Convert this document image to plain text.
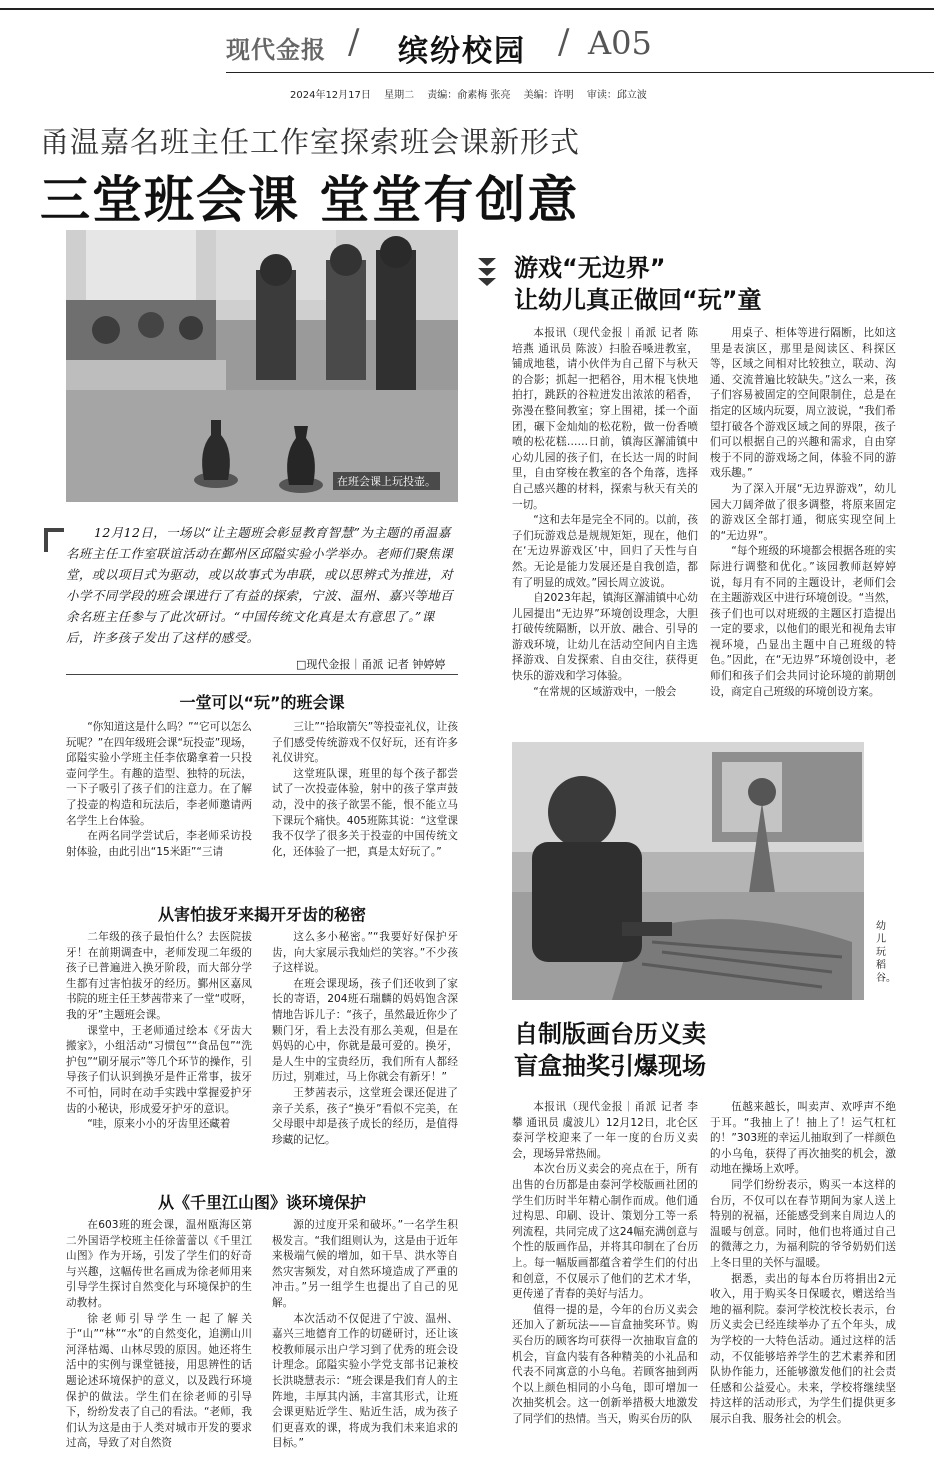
现代金报 / 缤纷校园 / A05
2024年12月17日 星期二 责编：俞素梅 张亮 美编：许明 审读：邱立波
甬温嘉名班主任工作室探索班会课新形式
三堂班会课 堂堂有创意
在班会课上玩投壶。
12月12日，一场以“让主题班会彰显教育智慧”为主题的甬温嘉名班主任工作室联谊活动在鄞州区邱隘实验小学举办。老师们聚焦课堂，或以项目式为驱动，或以故事式为串联，或以思辨式为推进，对小学不同学段的班会课进行了有益的探索，宁波、温州、嘉兴等地百余名班主任参与了此次研讨。“中国传统文化真是太有意思了。”课后，许多孩子发出了这样的感受。
□现代金报｜甬派 记者 钟婷婷
一堂可以“玩”的班会课

“你知道这是什么吗？”“它可以怎么玩呢？”在四年级班会课“玩投壶”现场，邱隘实验小学班主任李依璐拿着一只投壶问学生。有趣的造型、独特的玩法，一下子吸引了孩子们的注意力。在了解了投壶的构造和玩法后，李老师邀请两名学生上台体验。

在两名同学尝试后，李老师采访投射体验，由此引出“15米距”“三请

三让”“拾取箭矢”等投壶礼仪，让孩子们感受传统游戏不仅好玩，还有许多礼仪讲究。

这堂班队课，班里的每个孩子都尝试了一次投壶体验，射中的孩子掌声鼓动，没中的孩子欲罢不能，恨不能立马下课玩个痛快。405班陈其说：“这堂课我不仅学了很多关于投壶的中国传统文化，还体验了一把，真是太好玩了。”

从害怕拔牙来揭开牙齿的秘密

二年级的孩子最怕什么？去医院拔牙！在前期调查中，老师发现二年级的孩子已普遍进入换牙阶段，而大部分学生都有过害怕拔牙的经历。鄞州区嘉凤书院的班主任王梦茜带来了一堂“哎呀，我的牙”主题班会课。

课堂中，王老师通过绘本《牙齿大搬家》，小组活动“习惯包”“食品包”“洗护包”“刷牙展示”等几个环节的操作，引导孩子们认识到换牙是件正常事，拔牙不可怕，同时在动手实践中掌握爱护牙齿的小秘诀，形成爱牙护牙的意识。

“哇，原来小小的牙齿里还藏着

这么多小秘密。”“我要好好保护牙齿，向大家展示我灿烂的笑容。”不少孩子这样说。

在班会课现场，孩子们还收到了家长的寄语，204班石瑞麟的妈妈饱含深情地告诉儿子：“孩子，虽然最近你少了颗门牙，看上去没有那么美观，但是在妈妈的心中，你就是最可爱的。换牙，是人生中的宝贵经历，我们所有人都经历过，别难过，马上你就会有新牙！”

王梦茜表示，这堂班会课还促进了亲子关系，孩子“换牙”看似不完美，在父母眼中却是孩子成长的经历，是值得珍藏的记忆。

从《千里江山图》谈环境保护

在603班的班会课，温州瓯海区第二外国语学校班主任徐蕾蕾以《千里江山图》作为开场，引发了学生们的好奇与兴趣，这幅传世名画成为徐老师用来引导学生探讨自然变化与环境保护的生动教材。

徐老师引导学生一起了解关于“山”“林”“水”的自然变化，追溯山川河泽枯竭、山林尽毁的原因。她还将生活中的实例与课堂链接，用思辨性的话题论述环境保护的意义，以及践行环境保护的做法。学生们在徐老师的引导下，纷纷发表了自己的看法。“老师，我们认为这是由于人类对城市开发的要求过高，导致了对自然资

源的过度开采和破坏。”一名学生积极发言。“我们组则认为，这是由于近年来极端气候的增加，如干旱、洪水等自然灾害频发，对自然环境造成了严重的冲击。”另一组学生也提出了自己的见解。

本次活动不仅促进了宁波、温州、嘉兴三地德育工作的切磋研讨，还让该校教师展示出户学习到了优秀的班会设计理念。邱隘实验小学党支部书记兼校长洪晓慧表示：“班会课是我们育人的主阵地，丰厚其内涵，丰富其形式，让班会课更贴近学生、贴近生活，成为孩子们更喜欢的课，将成为我们未来追求的目标。”

游戏“无边界”
让幼儿真正做回“玩”童

本报讯（现代金报｜甬派 记者 陈培燕 通讯员 陈波）扫脸吞嗓进教室，铺成地毯，请小伙伴为自己留下与秋天的合影；抓起一把稻谷，用木棍飞快地拍打，跳跃的谷粒迸发出浓浓的稻香，弥漫在整间教室；穿上围裙，揉一个面团，碾下金灿灿的松花粉，做一份香喷喷的松花糕……日前，镇海区澥浦镇中心幼儿园的孩子们，在长达一周的时间里，自由穿梭在教室的各个角落，选择自己感兴趣的材料，探索与秋天有关的一切。

“这和去年是完全不同的。以前，孩子们玩游戏总是规规矩矩，现在，他们在‘无边界游戏区’中，回归了天性与自然。无论是能力发展还是自我创造，都有了明显的成效。”园长周立波说。

自2023年起，镇海区澥浦镇中心幼儿园提出“无边界”环境创设理念，大胆打破传统隔断，以开放、融合、引导的游戏环境，让幼儿在活动空间内自主选择游戏、自发探索、自由交往，获得更快乐的游戏和学习体验。

“在常规的区域游戏中，一般会

用桌子、柜体等进行隔断，比如这里是表演区，那里是阅读区、科探区等，区域之间相对比较独立，联动、沟通、交流普遍比较缺失。”这么一来，孩子们容易被固定的空间限制住，总是在指定的区域内玩耍，周立波说，“我们希望打破各个游戏区域之间的界限，孩子们可以根据自己的兴趣和需求，自由穿梭于不同的游戏场之间，体验不同的游戏乐趣。”

为了深入开展“无边界游戏”，幼儿园大刀阔斧做了很多调整，将原来固定的游戏区全部打通，彻底实现空间上的“无边界”。

“每个班级的环境都会根据各班的实际进行调整和优化。”该园教师赵婷婷说，每月有不同的主题设计，老师们会在主题游戏区中进行环境创设。“当然，孩子们也可以对班级的主题区打造提出一定的要求，以他们的眼光和视角去审视环境，凸显出主题中自己班级的特色。”因此，在“无边界”环境创设中，老师们和孩子们会共同讨论环境的前期创设，商定自己班级的环境创设方案。

幼儿玩稻谷。
自制版画台历义卖
盲盒抽奖引爆现场

本报讯（现代金报｜甬派 记者 李攀 通讯员 虞波儿）12月12日，北仑区泰河学校迎来了一年一度的台历义卖会，现场异常热闹。

本次台历义卖会的亮点在于，所有出售的台历都是由泰河学校版画社团的学生们历时半年精心制作而成。他们通过构思、印刷、设计、策划分工等一系列流程，共同完成了这24幅充满创意与个性的版画作品，并将其印制在了台历上。每一幅版画都蕴含着学生们的付出和创意，不仅展示了他们的艺术才华，更传递了青春的美好与活力。

值得一提的是，今年的台历义卖会还加入了新玩法——盲盒抽奖环节。购买台历的顾客均可获得一次抽取盲盒的机会，盲盒内装有各种精美的小礼品和代表不同寓意的小乌龟。若顾客抽到两个以上颜色相同的小乌龟，即可增加一次抽奖机会。这一创新举措极大地激发了同学们的热情。当天，购买台历的队

伍越来越长，叫卖声、欢呼声不绝于耳。“我抽上了！抽上了！运气杠杠的！”303班的幸运儿抽取到了一样颜色的小乌龟，获得了再次抽奖的机会，激动地在操场上欢呼。

同学们纷纷表示，购买一本这样的台历，不仅可以在春节期间为家人送上特别的祝福，还能感受到来自周边人的温暖与创意。同时，他们也将通过自己的微薄之力，为福利院的爷爷奶奶们送上冬日里的关怀与温暖。

据悉，卖出的每本台历将捐出2元收入，用于购买冬日保暖衣，赠送给当地的福利院。泰河学校沈校长表示，台历义卖会已经连续举办了五个年头，成为学校的一大特色活动。通过这样的活动，不仅能够培养学生的艺术素养和团队协作能力，还能够激发他们的社会责任感和公益爱心。未来，学校将继续坚持这样的活动形式，为学生们提供更多展示自我、服务社会的机会。
